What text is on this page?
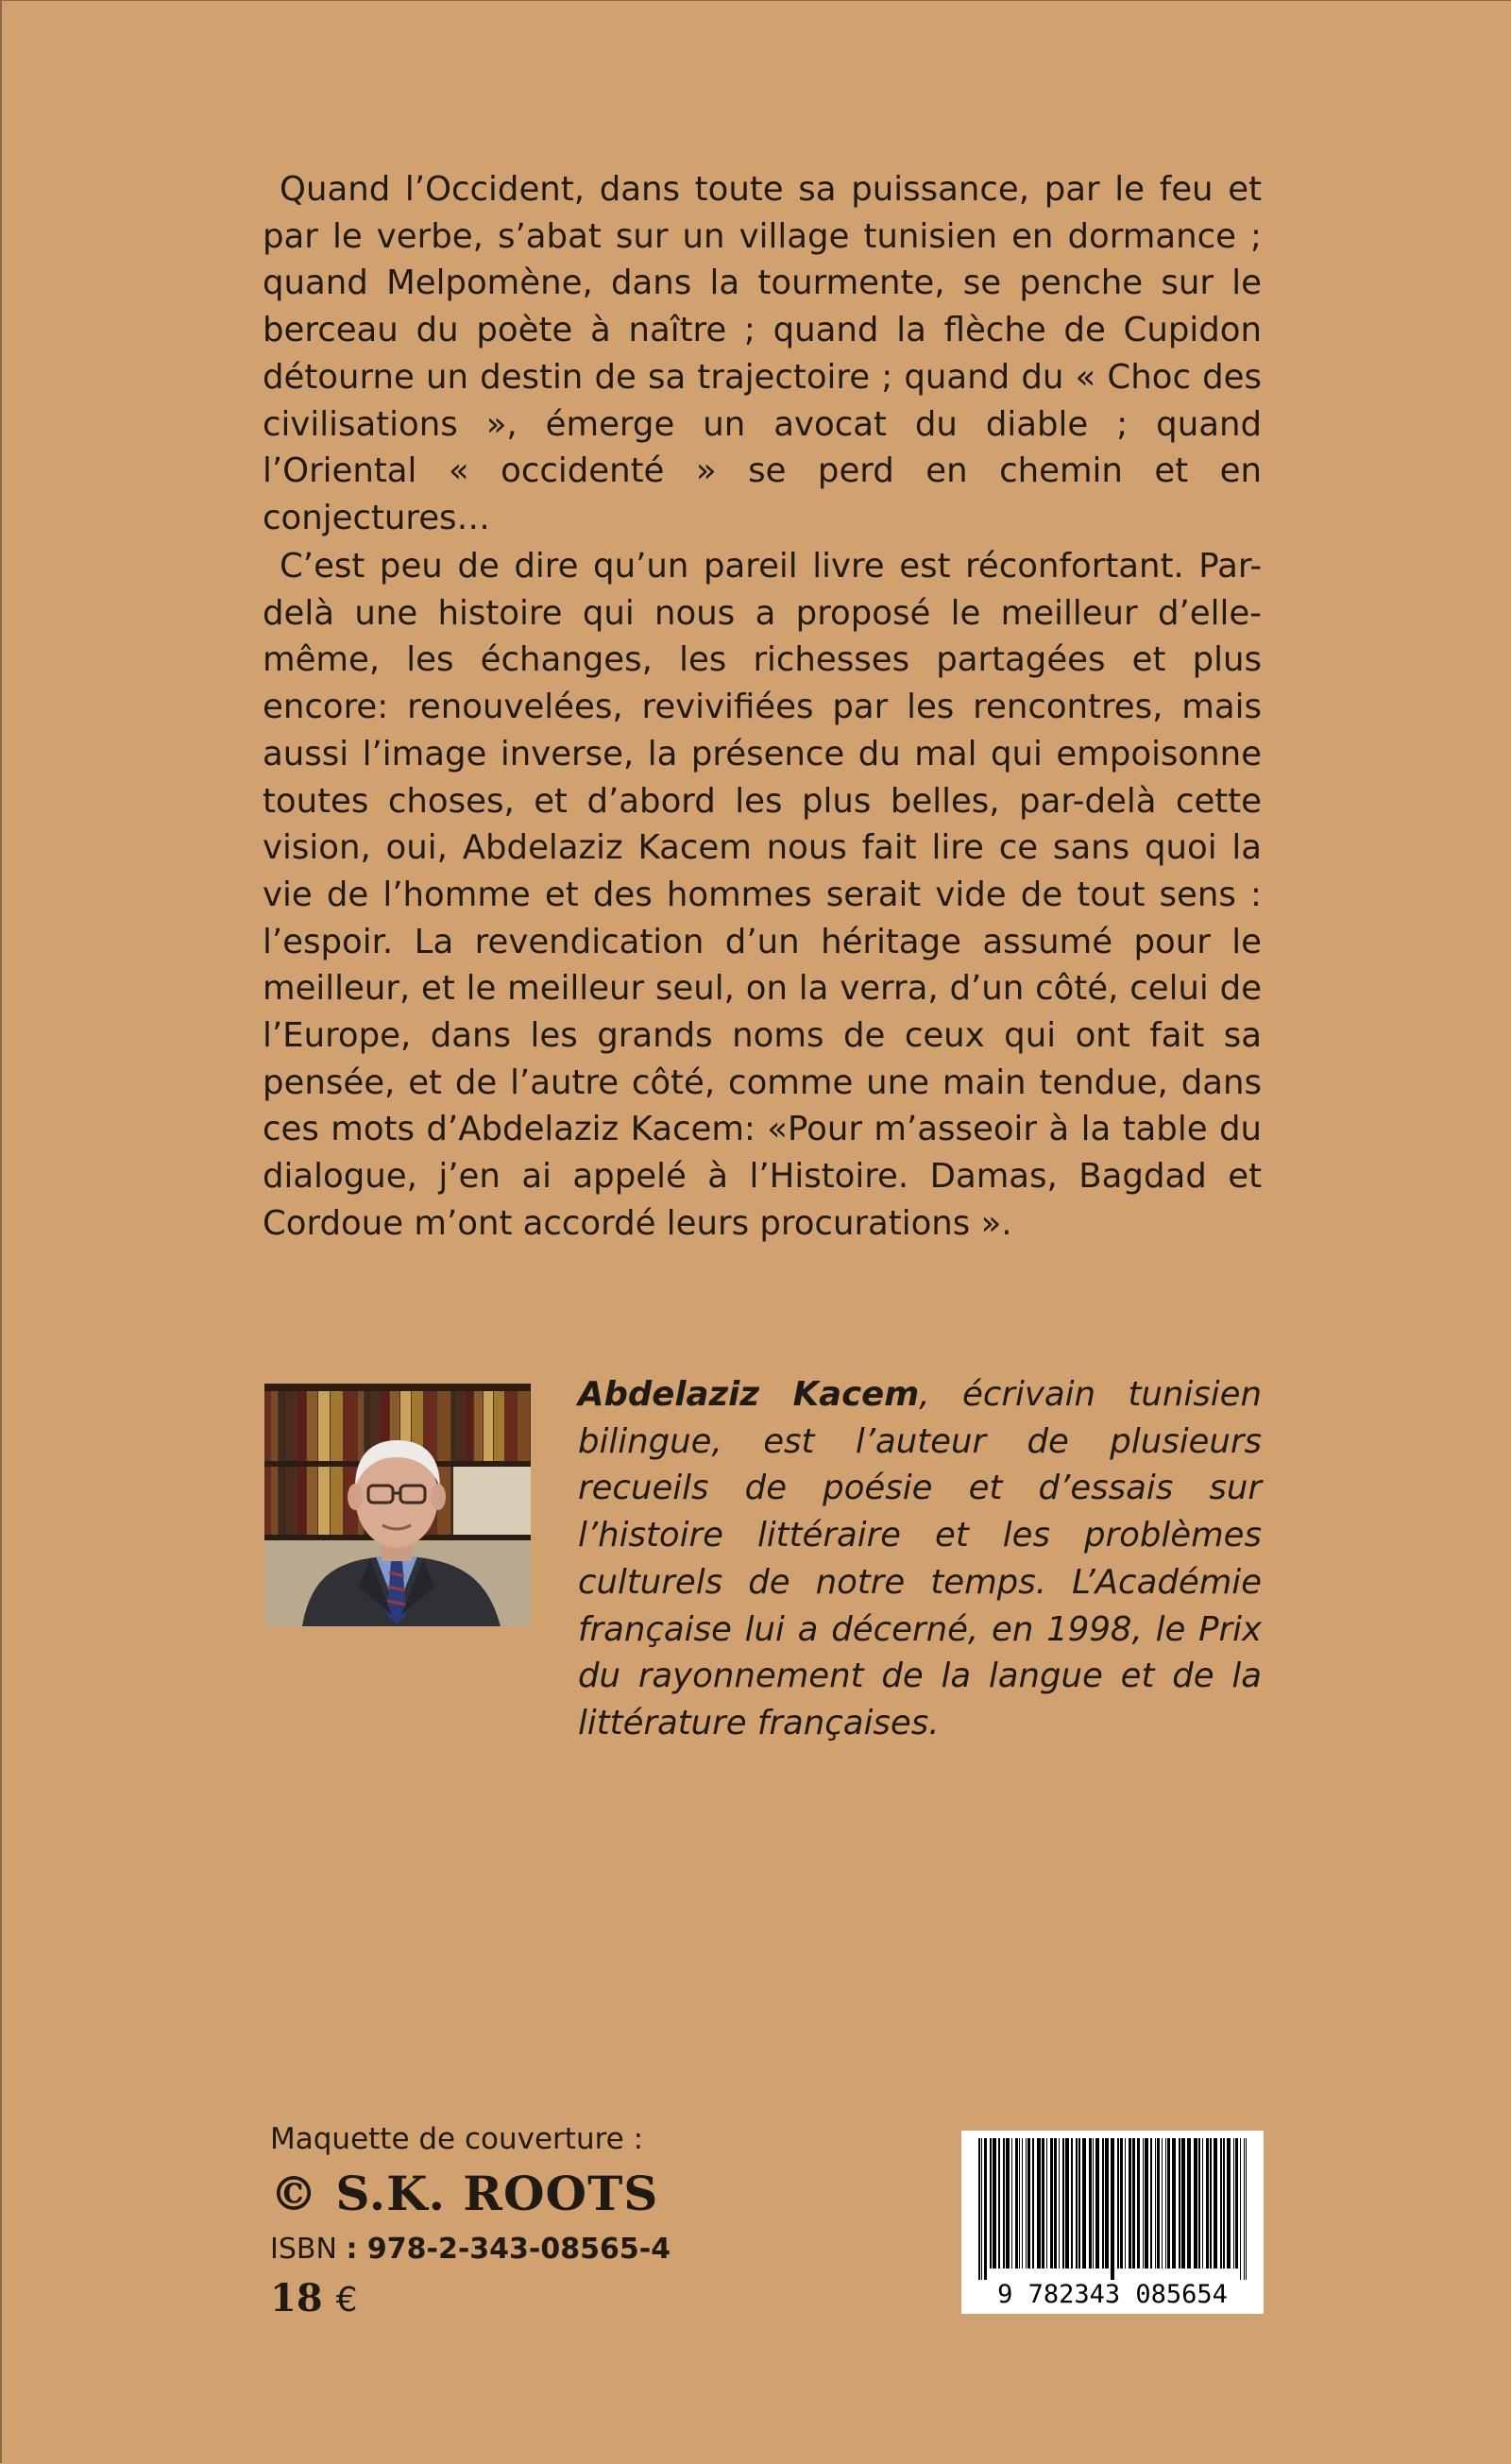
Quand l’Occident, dans toute sa puissance, par le feu et par le verbe, s’abat sur un village tunisien en dormance ; quand Melpomène, dans la tourmente, se penche sur le berceau du poète à naître ; quand la flèche de Cupidon détourne un destin de sa trajectoire ; quand du « Choc des civilisations », émerge un avocat du diable ; quand l’Oriental « occidenté » se perd en chemin et en conjectures…

C’est peu de dire qu’un pareil livre est réconfortant. Par-delà une histoire qui nous a proposé le meilleur d’elle-même, les échanges, les richesses partagées et plus encore: renouvelées, revivifiées par les rencontres, mais aussi l’image inverse, la présence du mal qui empoisonne toutes choses, et d’abord les plus belles, par-delà cette vision, oui, Abdelaziz Kacem nous fait lire ce sans quoi la vie de l’homme et des hommes serait vide de tout sens : l’espoir. La revendication d’un héritage assumé pour le meilleur, et le meilleur seul, on la verra, d’un côté, celui de l’Europe, dans les grands noms de ceux qui ont fait sa pensée, et de l’autre côté, comme une main tendue, dans ces mots d’Abdelaziz Kacem: «Pour m’asseoir à la table du dialogue, j’en ai appelé à l’Histoire. Damas, Bagdad et Cordoue m’ont accordé leurs procurations ».

Abdelaziz Kacem, écrivain tunisien bilingue, est l’auteur de plusieurs recueils de poésie et d’essais sur l’histoire littéraire et les problèmes culturels de notre temps. L’Académie française lui a décerné, en 1998, le Prix du rayonnement de la langue et de la littérature françaises.

Maquette de couverture :
© S.K. ROOTS
ISBN : 978-2-343-08565-4
18 €	9 782343 085654
